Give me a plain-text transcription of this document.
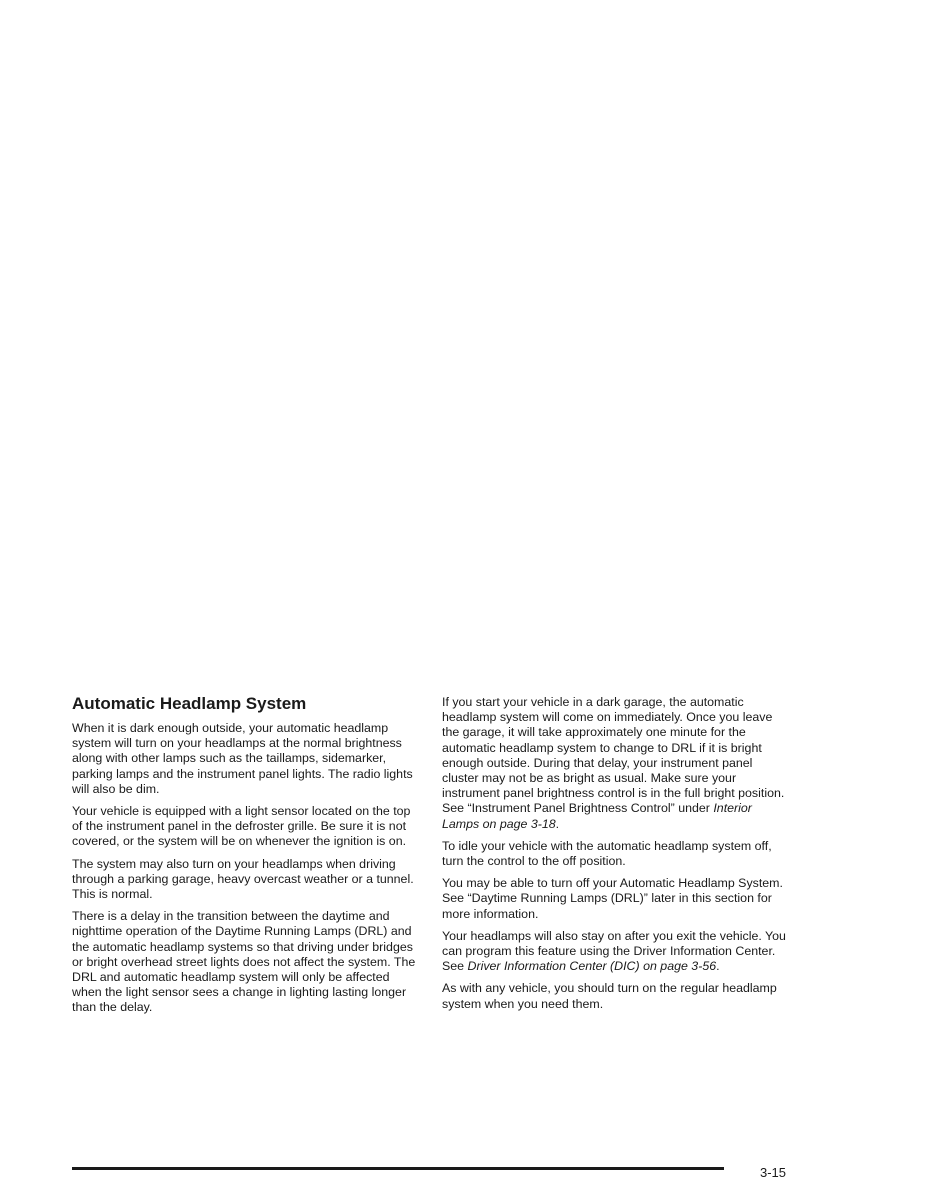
Automatic Headlamp System

When it is dark enough outside, your automatic headlamp system will turn on your headlamps at the normal brightness along with other lamps such as the taillamps, sidemarker, parking lamps and the instrument panel lights. The radio lights will also be dim.

Your vehicle is equipped with a light sensor located on the top of the instrument panel in the defroster grille. Be sure it is not covered, or the system will be on whenever the ignition is on.

The system may also turn on your headlamps when driving through a parking garage, heavy overcast weather or a tunnel. This is normal.

There is a delay in the transition between the daytime and nighttime operation of the Daytime Running Lamps (DRL) and the automatic headlamp systems so that driving under bridges or bright overhead street lights does not affect the system. The DRL and automatic headlamp system will only be affected when the light sensor sees a change in lighting lasting longer than the delay.

If you start your vehicle in a dark garage, the automatic headlamp system will come on immediately. Once you leave the garage, it will take approximately one minute for the automatic headlamp system to change to DRL if it is bright enough outside. During that delay, your instrument panel cluster may not be as bright as usual. Make sure your instrument panel brightness control is in the full bright position. See “Instrument Panel Brightness Control” under Interior Lamps on page 3-18.

To idle your vehicle with the automatic headlamp system off, turn the control to the off position.

You may be able to turn off your Automatic Headlamp System. See “Daytime Running Lamps (DRL)” later in this section for more information.

Your headlamps will also stay on after you exit the vehicle. You can program this feature using the Driver Information Center. See Driver Information Center (DIC) on page 3-56.

As with any vehicle, you should turn on the regular headlamp system when you need them.

3-15
